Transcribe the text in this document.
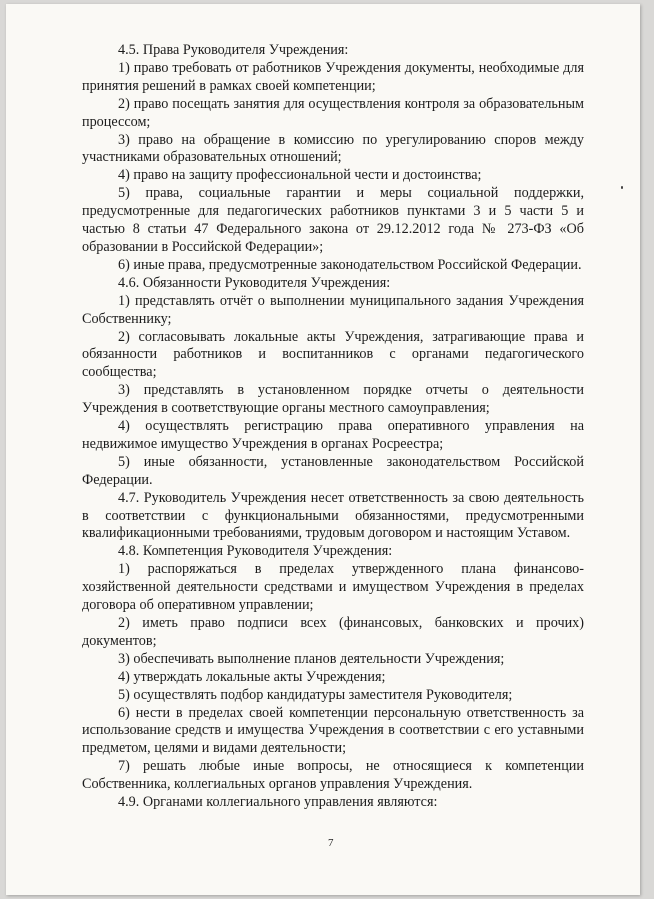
4.5. Права Руководителя Учреждения:

1) право требовать от работников Учреждения документы, необходимые для принятия решений в рамках своей компетенции;

2) право посещать занятия для осуществления контроля за образовательным процессом;

3) право на обращение в комиссию по урегулированию споров между участниками образовательных отношений;

4) право на защиту профессиональной чести и достоинства;

5) права, социальные гарантии и меры социальной поддержки, предусмотренные для педагогических работников пунктами 3 и 5 части 5 и частью 8 статьи 47 Федерального закона от 29.12.2012 года № 273-ФЗ «Об образовании в Российской Федерации»;

6) иные права, предусмотренные законодательством Российской Федерации.

4.6. Обязанности Руководителя Учреждения:

1) представлять отчёт о выполнении муниципального задания Учреждения Собственнику;

2) согласовывать локальные акты Учреждения, затрагивающие права и обязанности работников и воспитанников с органами педагогического сообщества;

3) представлять в установленном порядке отчеты о деятельности Учреждения в соответствующие органы местного самоуправления;

4) осуществлять регистрацию права оперативного управления на недвижимое имущество Учреждения в органах Росреестра;

5) иные обязанности, установленные законодательством Российской Федерации.

4.7. Руководитель Учреждения несет ответственность за свою деятельность в соответствии с функциональными обязанностями, предусмотренными квалификационными требованиями, трудовым договором и настоящим Уставом.

4.8. Компетенция Руководителя Учреждения:

1) распоряжаться в пределах утвержденного плана финансово-хозяйственной деятельности средствами и имуществом Учреждения в пределах договора об оперативном управлении;

2) иметь право подписи всех (финансовых, банковских и прочих) документов;

3) обеспечивать выполнение планов деятельности Учреждения;

4) утверждать локальные акты Учреждения;

5) осуществлять подбор кандидатуры заместителя Руководителя;

6) нести в пределах своей компетенции персональную ответственность за использование средств и имущества Учреждения в соответствии с его уставными предметом, целями и видами деятельности;

7) решать любые иные вопросы, не относящиеся к компетенции Собственника, коллегиальных органов управления Учреждения.

4.9. Органами коллегиального управления являются:

7
